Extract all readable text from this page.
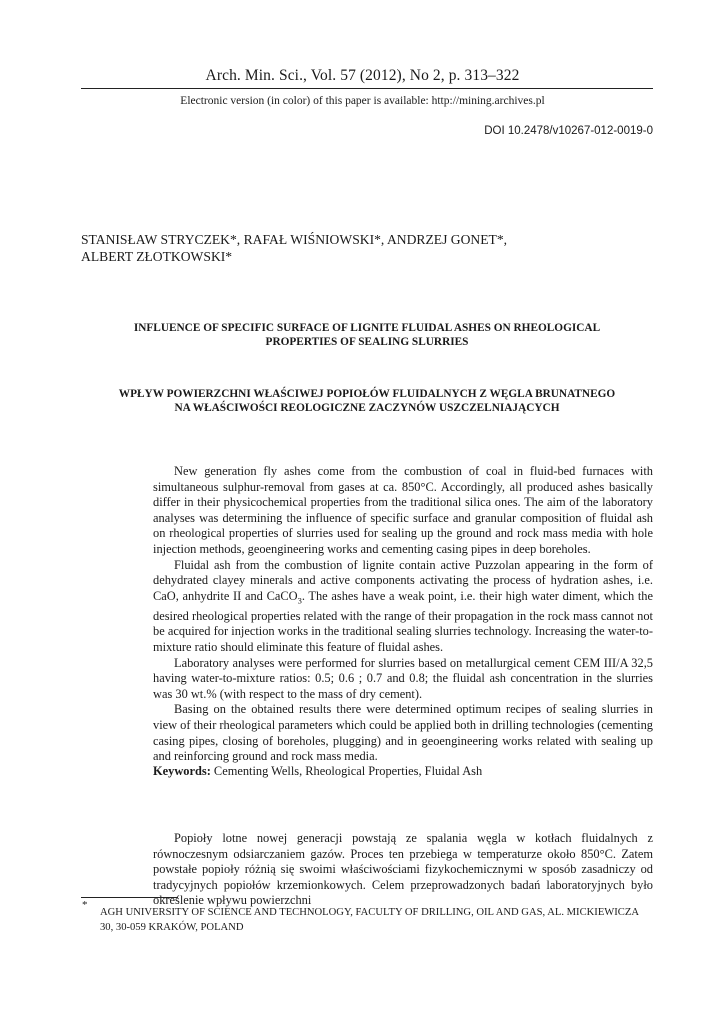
Arch. Min. Sci., Vol. 57 (2012), No 2, p. 313–322
Electronic version (in color) of this paper is available: http://mining.archives.pl
DOI 10.2478/v10267-012-0019-0
STANISŁAW STRYCZEK*, RAFAŁ WIŚNIOWSKI*, ANDRZEJ GONET*,
ALBERT ZŁOTKOWSKI*
INFLUENCE OF SPECIFIC SURFACE OF LIGNITE FLUIDAL ASHES ON RHEOLOGICAL
PROPERTIES OF SEALING SLURRIES
WPŁYW POWIERZCHNI WŁAŚCIWEJ POPIOŁÓW FLUIDALNYCH Z WĘGLA BRUNATNEGO
NA WŁAŚCIWOŚCI REOLOGICZNE ZACZYNÓW USZCZELNIAJĄCYCH

New generation fly ashes come from the combustion of coal in fluid-bed furnaces with simultaneous sulphur-removal from gases at ca. 850°C. Accordingly, all produced ashes basically differ in their physicochemical properties from the traditional silica ones. The aim of the laboratory analyses was determining the influence of specific surface and granular composition of fluidal ash on rheological properties of slurries used for sealing up the ground and rock mass media with hole injection methods, geoengineering works and cementing casing pipes in deep boreholes.

Fluidal ash from the combustion of lignite contain active Puzzolan appearing in the form of dehydrated clayey minerals and active components activating the process of hydration ashes, i.e. CaO, anhydrite II and CaCO$_3$. The ashes have a weak point, i.e. their high water diment, which the desired rheological properties related with the range of their propagation in the rock mass cannot not be acquired for injection works in the traditional sealing slurries technology. Increasing the water-to-mixture ratio should eliminate this feature of fluidal ashes.

Laboratory analyses were performed for slurries based on metallurgical cement CEM III/A 32,5 having water-to-mixture ratios: 0.5; 0.6 ; 0.7 and 0.8; the fluidal ash concentration in the slurries was 30 wt.% (with respect to the mass of dry cement).

Basing on the obtained results there were determined optimum recipes of sealing slurries in view of their rheological parameters which could be applied both in drilling technologies (cementing casing pipes, closing of boreholes, plugging) and in geoengineering works related with sealing up and reinforcing ground and rock mass media.

Keywords: Cementing Wells, Rheological Properties, Fluidal Ash

Popioły lotne nowej generacji powstają ze spalania węgla w kotłach fluidalnych z równoczesnym odsiarczaniem gazów. Proces ten przebiega w temperaturze około 850°C. Zatem powstałe popioły różnią się swoimi właściwościami fizykochemicznymi w sposób zasadniczy od tradycyjnych popiołów krzemionkowych. Celem przeprowadzonych badań laboratoryjnych było określenie wpływu powierzchni

*
AGH UNIVERSITY OF SCIENCE AND TECHNOLOGY, FACULTY OF DRILLING, OIL AND GAS, AL. MICKIEWICZA 30, 30-059 KRAKÓW, POLAND
